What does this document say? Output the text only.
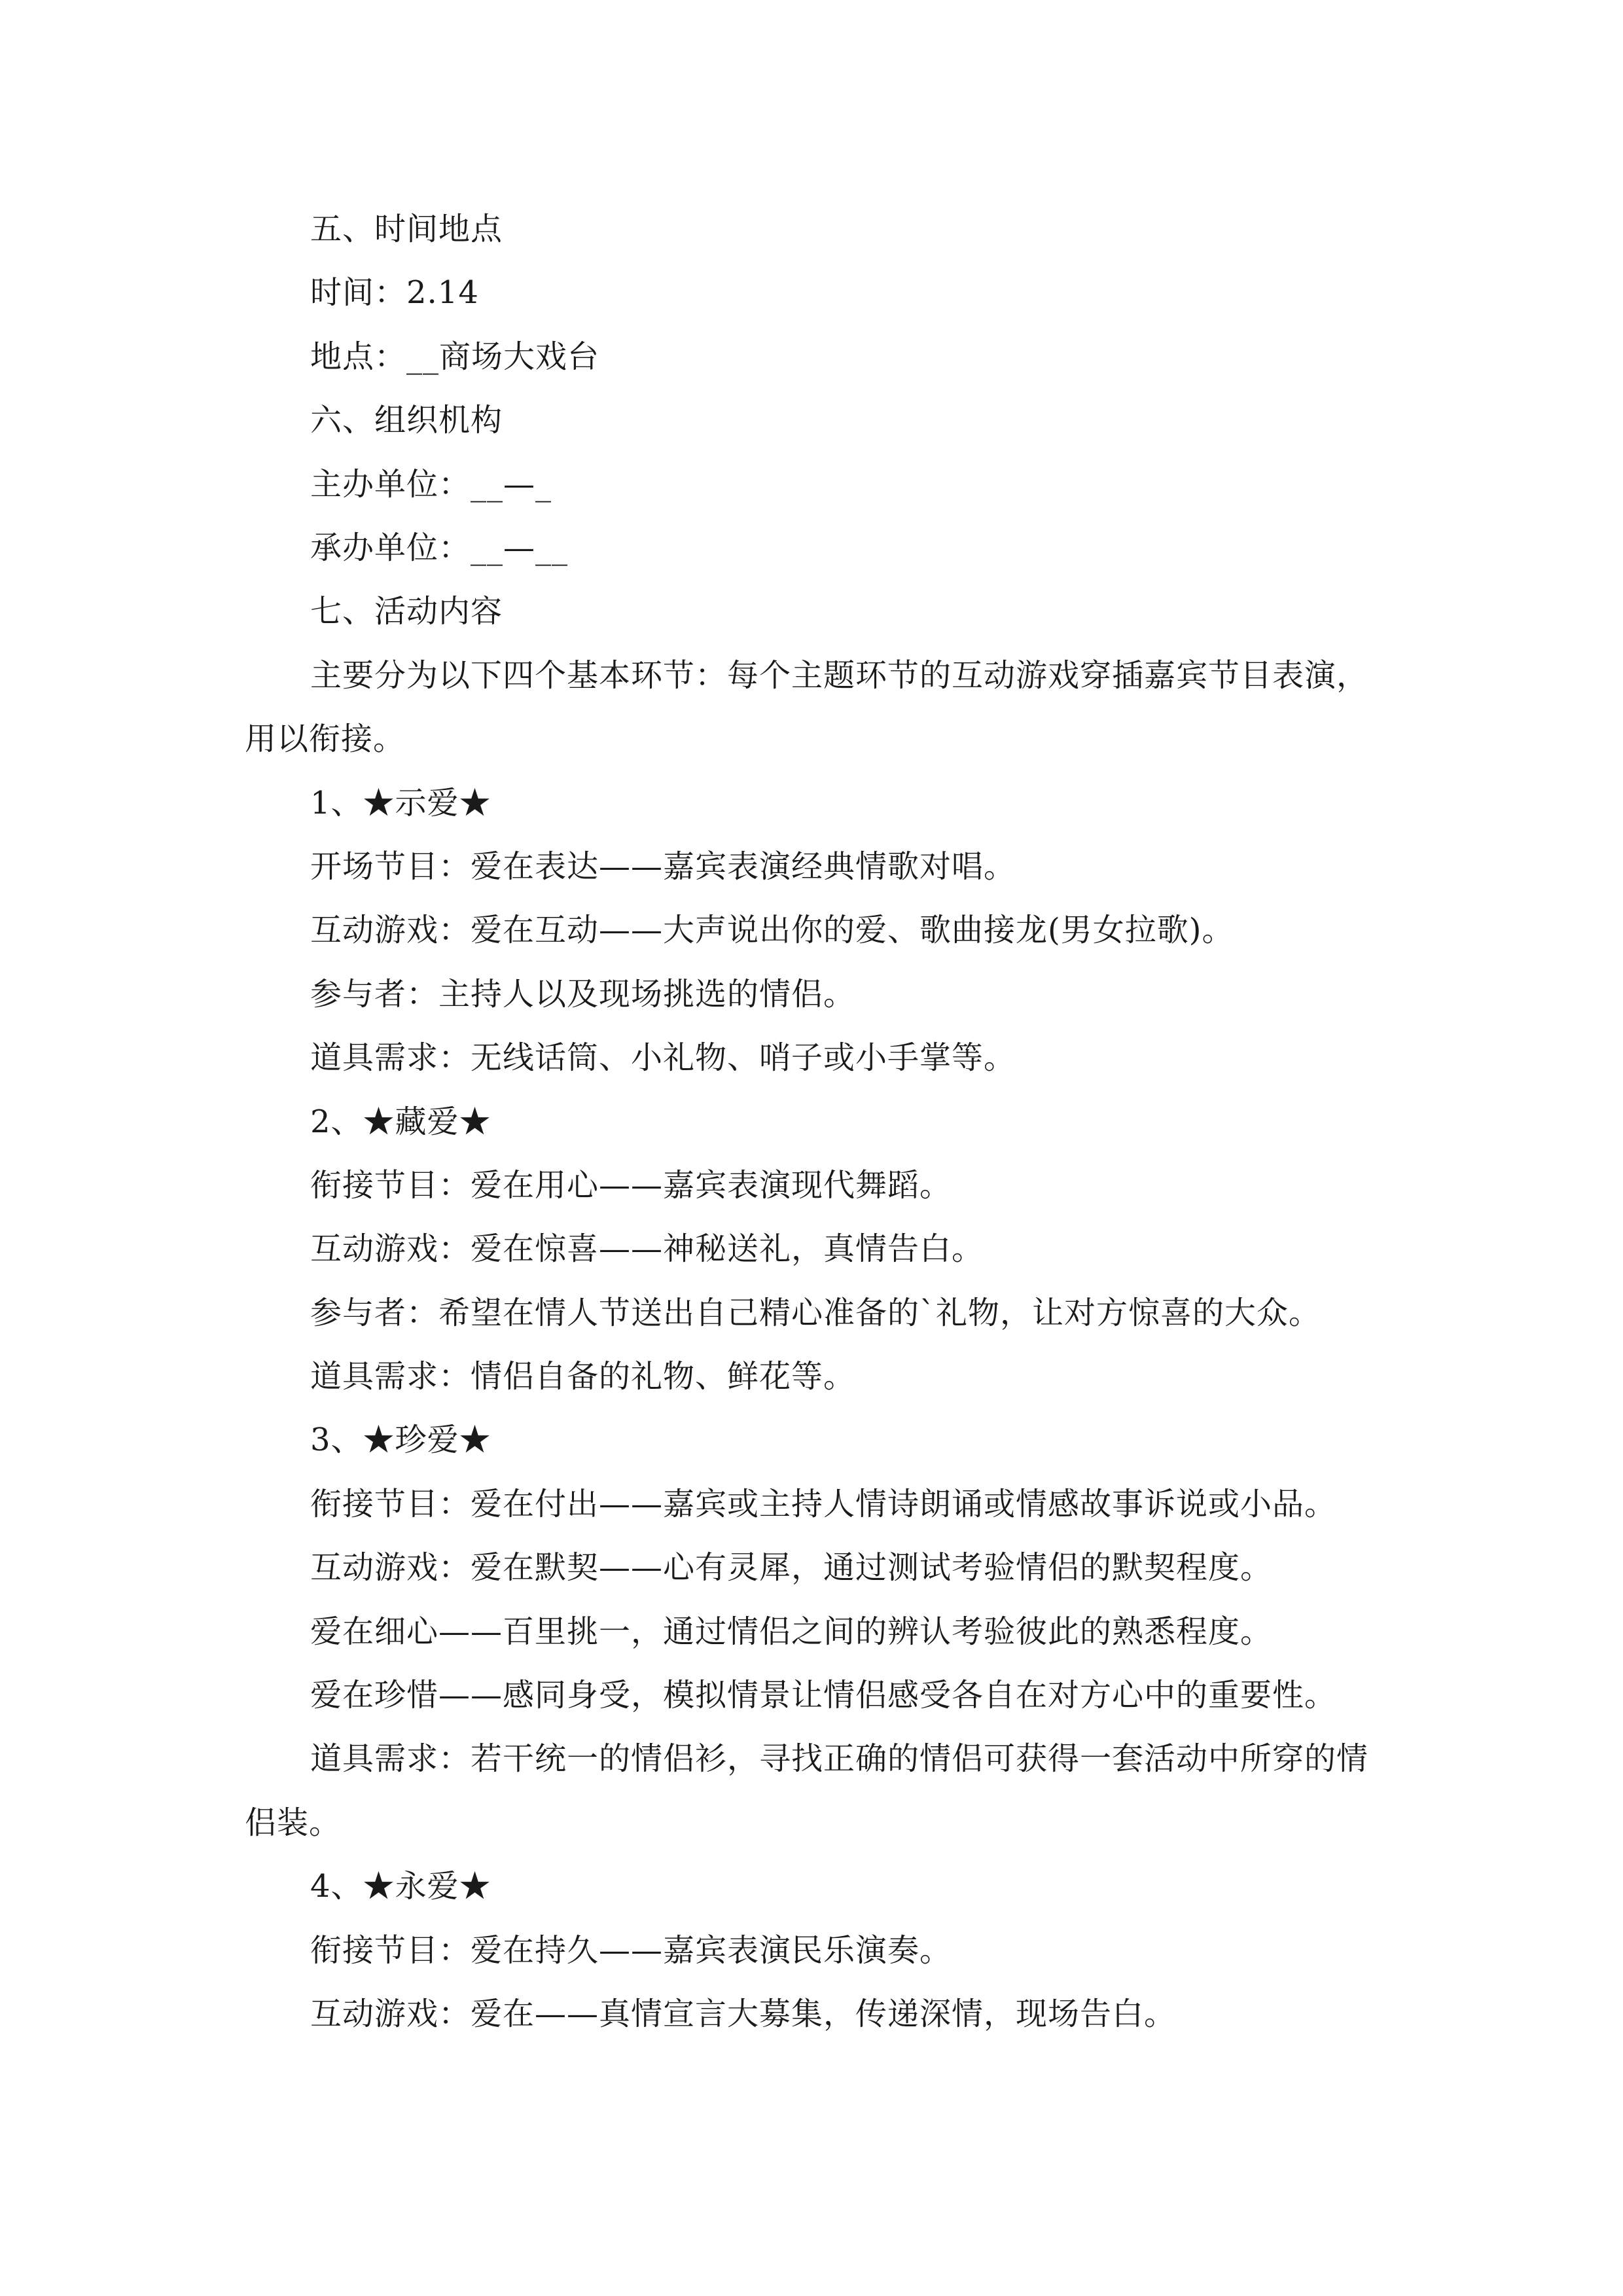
五、时间地点
时间：2.14
地点：__商场大戏台
六、组织机构
主办单位：__—_
承办单位：__—__
七、活动内容
主要分为以下四个基本环节：每个主题环节的互动游戏穿插嘉宾节目表演，用以衔接。
1、★示爱★
开场节目：爱在表达——嘉宾表演经典情歌对唱。
互动游戏：爱在互动——大声说出你的爱、歌曲接龙(男女拉歌)。
参与者：主持人以及现场挑选的情侣。
道具需求：无线话筒、小礼物、哨子或小手掌等。
2、★藏爱★
衔接节目：爱在用心——嘉宾表演现代舞蹈。
互动游戏：爱在惊喜——神秘送礼，真情告白。
参与者：希望在情人节送出自己精心准备的`礼物，让对方惊喜的大众。
道具需求：情侣自备的礼物、鲜花等。
3、★珍爱★
衔接节目：爱在付出——嘉宾或主持人情诗朗诵或情感故事诉说或小品。
互动游戏：爱在默契——心有灵犀，通过测试考验情侣的默契程度。
爱在细心——百里挑一，通过情侣之间的辨认考验彼此的熟悉程度。
爱在珍惜——感同身受，模拟情景让情侣感受各自在对方心中的重要性。
道具需求：若干统一的情侣衫，寻找正确的情侣可获得一套活动中所穿的情侣装。
4、★永爱★
衔接节目：爱在持久——嘉宾表演民乐演奏。
互动游戏：爱在——真情宣言大募集，传递深情，现场告白。
